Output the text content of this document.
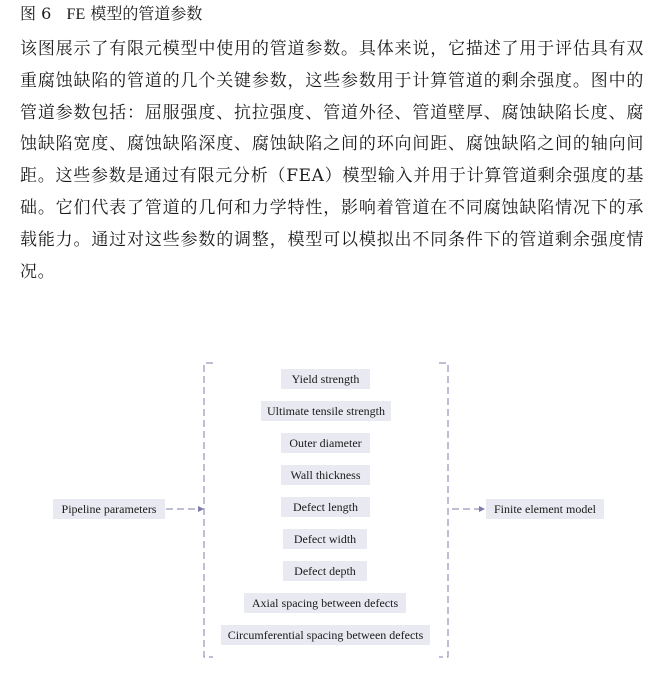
图 6 FE 模型的管道参数

该图展示了有限元模型中使用的管道参数。具体来说，它描述了用于评估具有双重腐蚀缺陷的管道的几个关键参数，这些参数用于计算管道的剩余强度。图中的管道参数包括：屈服强度、抗拉强度、管道外径、管道壁厚、腐蚀缺陷长度、腐蚀缺陷宽度、腐蚀缺陷深度、腐蚀缺陷之间的环向间距、腐蚀缺陷之间的轴向间距。这些参数是通过有限元分析（FEA）模型输入并用于计算管道剩余强度的基础。它们代表了管道的几何和力学特性，影响着管道在不同腐蚀缺陷情况下的承载能力。通过对这些参数的调整，模型可以模拟出不同条件下的管道剩余强度情况。

Pipeline parameters	Finite element model
Yield strength
Ultimate tensile strength
Outer diameter
Wall thickness
Defect length
Defect width
Defect depth
Axial spacing between defects
Circumferential spacing between defects
